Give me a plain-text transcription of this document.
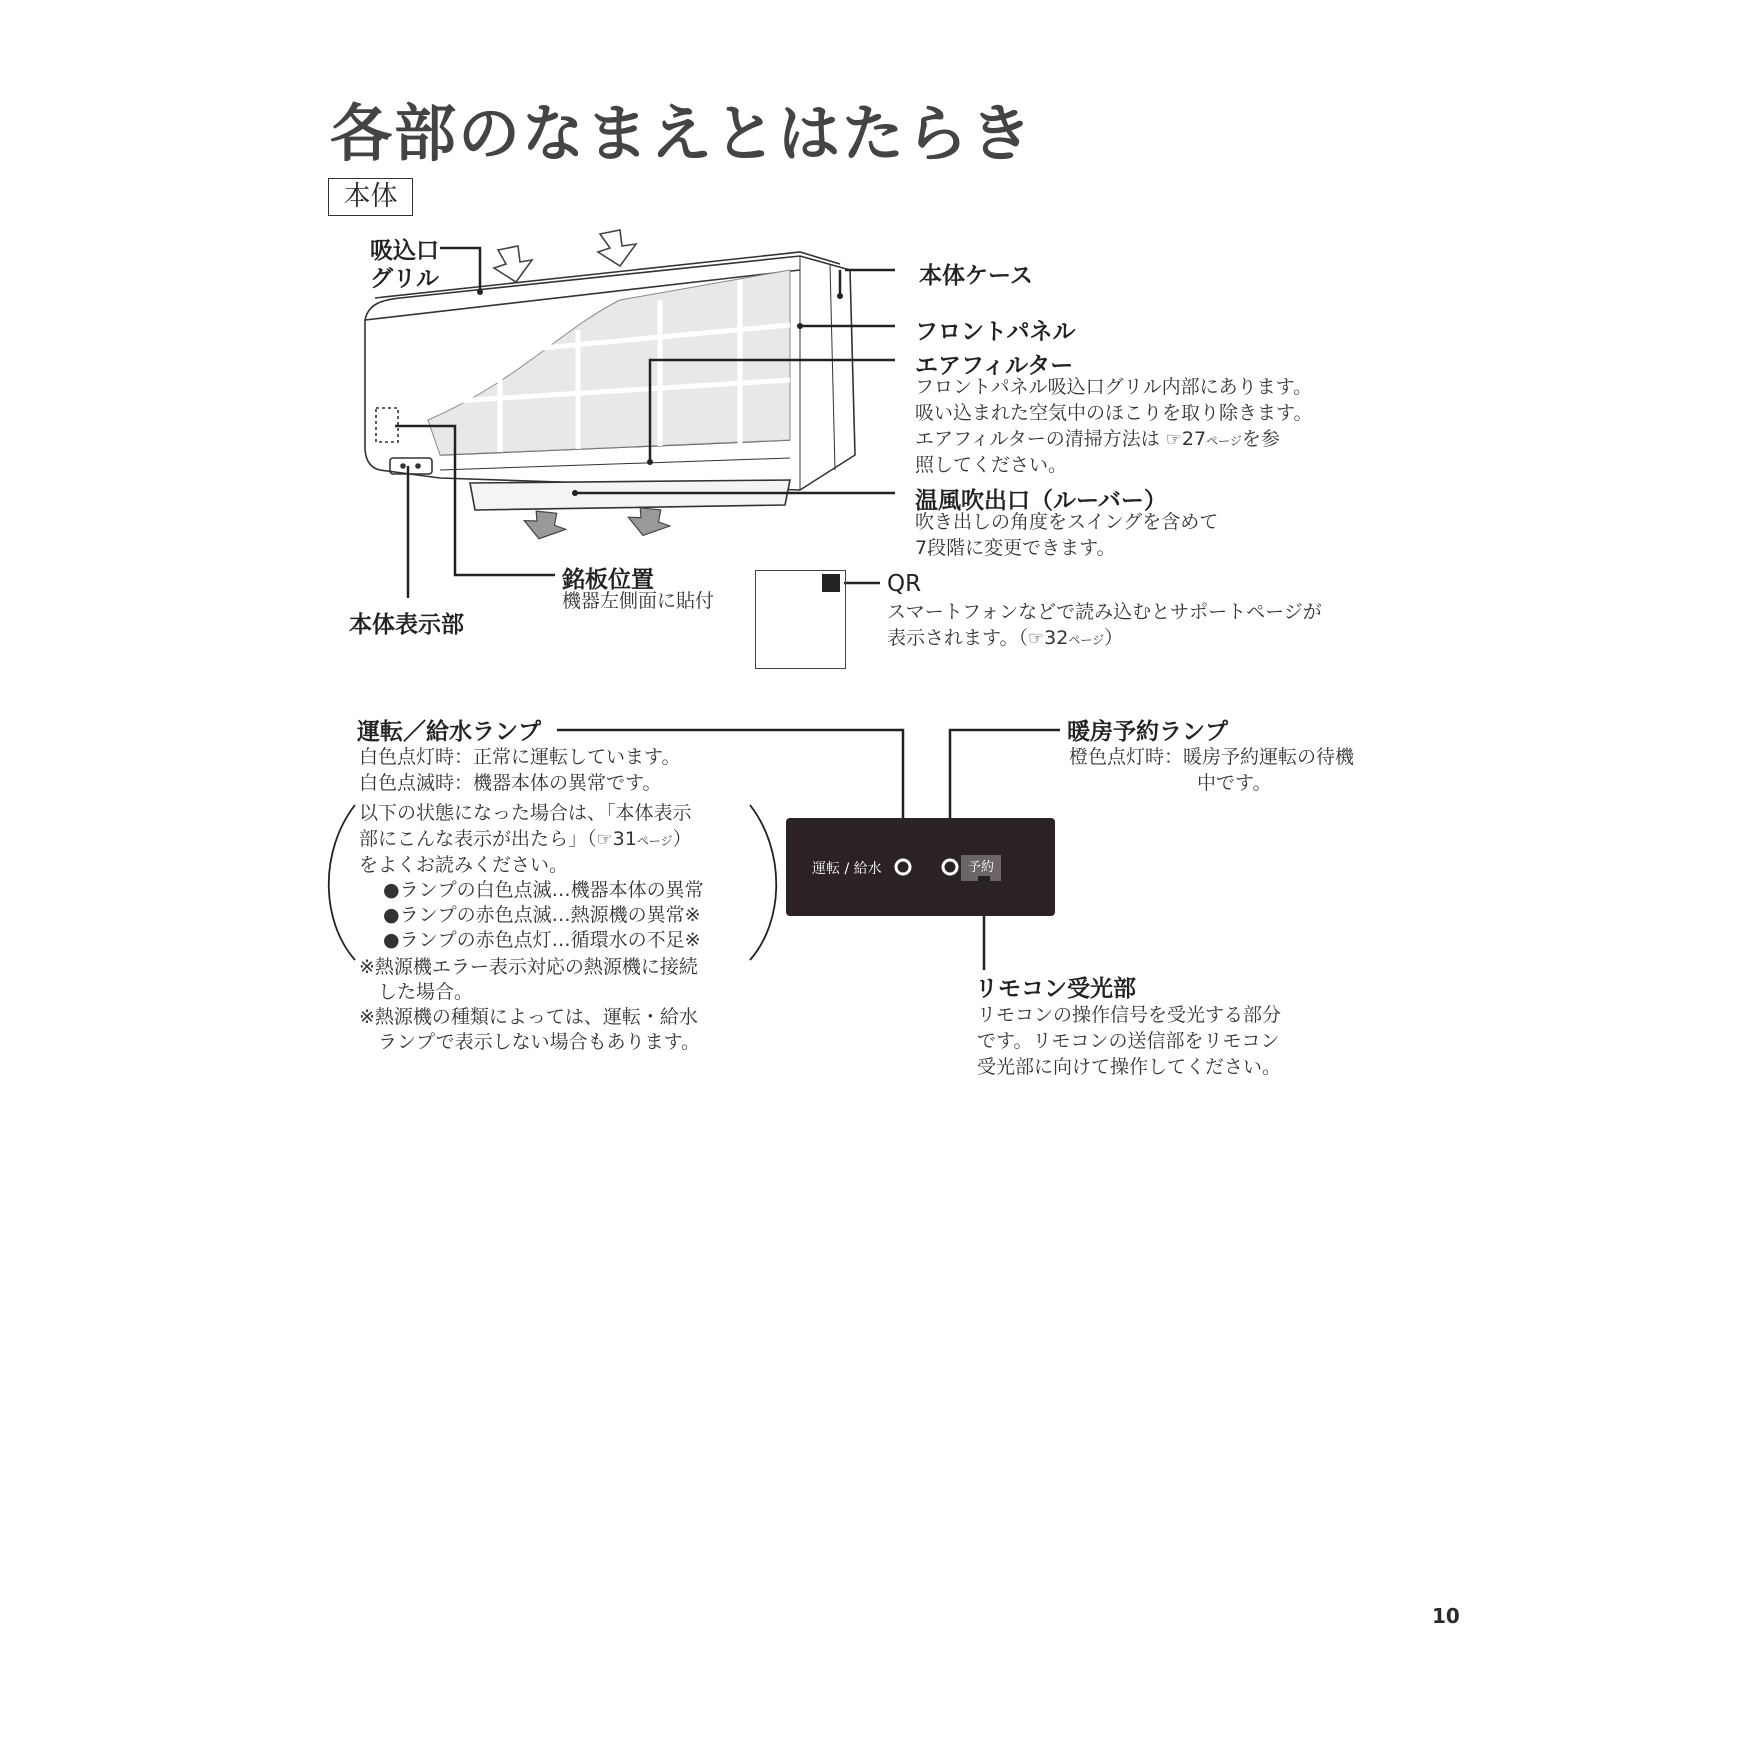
各部のなまえとはたらき
本体
吸込口
グリル	本体ケース
フロントパネル
エアフィルター
フロントパネル吸込口グリル内部にあります。
吸い込まれた空気中のほこりを取り除きます。
エアフィルターの清掃方法は ☞27ページを参
照してください。
温風吹出口（ルーバー）
吹き出しの角度をスイングを含めて
7段階に変更できます。
銘板位置
機器左側面に貼付
本体表示部
QR
スマートフォンなどで読み込むとサポートページが
表示されます。（☞32ページ）
運転 / 給水	予約
運転／給水ランプ
白色点灯時：正常に運転しています。
白色点滅時：機器本体の異常です。
以下の状態になった場合は、「本体表示
部にこんな表示が出たら」（☞31ページ）
をよくお読みください。
●ランプの白色点滅…機器本体の異常
●ランプの赤色点滅…熱源機の異常※
●ランプの赤色点灯…循環水の不足※
※熱源機エラー表示対応の熱源機に接続
　した場合。
※熱源機の種類によっては、運転・給水
　ランプで表示しない場合もあります。
暖房予約ランプ
橙色点灯時：暖房予約運転の待機
中です。
リモコン受光部
リモコンの操作信号を受光する部分
です。リモコンの送信部をリモコン
受光部に向けて操作してください。
10
